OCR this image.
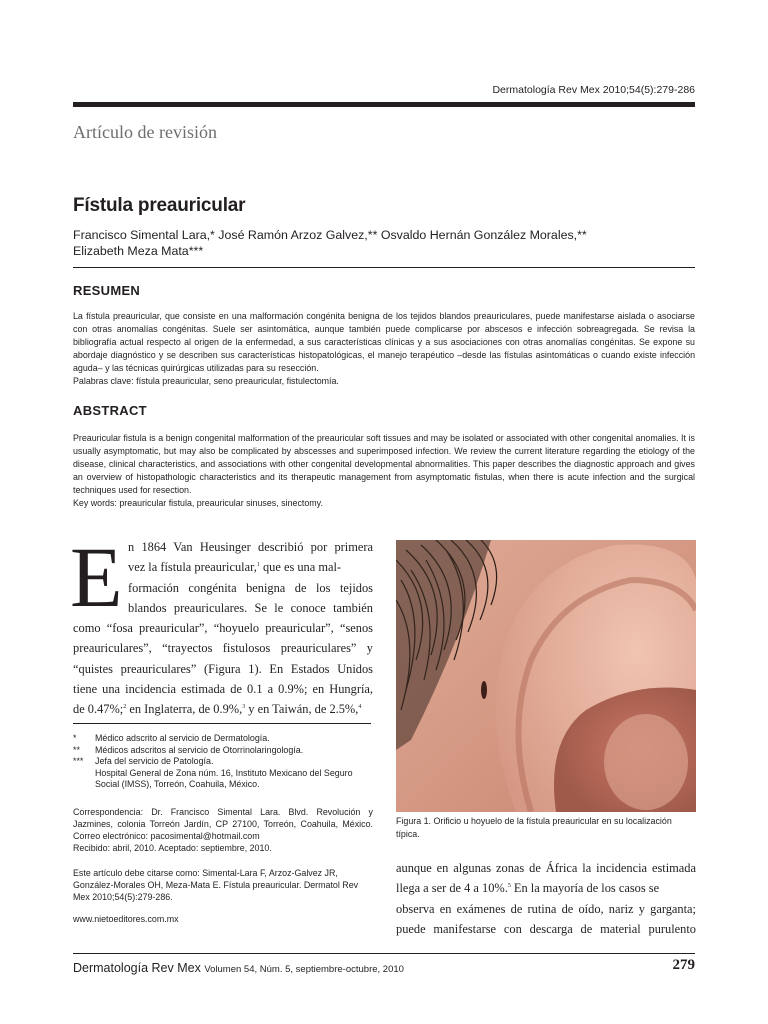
Dermatología Rev Mex 2010;54(5):279-286
Artículo de revisión
Fístula preauricular
Francisco Simental Lara,* José Ramón Arzoz Galvez,** Osvaldo Hernán González Morales,**
Elizabeth Meza Mata***
RESUMEN

La fístula preauricular, que consiste en una malformación congénita benigna de los tejidos blandos preauriculares, puede manifestarse aislada o asociarse con otras anomalías congénitas. Suele ser asintomática, aunque también puede complicarse por abscesos e infección sobreagregada. Se revisa la bibliografía actual respecto al origen de la enfermedad, a sus características clínicas y a sus asociaciones con otras anomalías congénitas. Se expone su abordaje diagnóstico y se describen sus características histopatológicas, el manejo terapéutico –desde las fístulas asintomáticas o cuando existe infección aguda– y las técnicas quirúrgicas utilizadas para su resección.

Palabras clave: fístula preauricular, seno preauricular, fistulectomía.

ABSTRACT

Preauricular fistula is a benign congenital malformation of the preauricular soft tissues and may be isolated or associated with other congenital anomalies. It is usually asymptomatic, but may also be complicated by abscesses and superimposed infection. We review the current literature regarding the etiology of the disease, clinical characteristics, and associations with other congenital developmental abnormalities. This paper describes the diagnostic approach and gives an overview of histopathologic characteristics and its therapeutic management from asymptomatic fistulas, when there is acute infection and the surgical techniques used for resection.

Key words: preauricular fistula, preauricular sinuses, sinectomy.

E n 1864 Van Heusinger describió por primera
vez la fístula preauricular,$^1$ que es una mal-
formación congénita benigna de los tejidos
blandos preauriculares. Se le conoce también
como “fosa preauricular”, “hoyuelo preauricular”, “senos
preauriculares”, “trayectos fistulosos preauriculares” y
“quistes preauriculares” (Figura 1). En Estados Unidos
tiene una incidencia estimada de 0.1 a 0.9%; en Hungría,
de 0.47%;$^2$ en Inglaterra, de 0.9%,$^3$ y en Taiwán, de 2.5%,$^4$
*	Médico adscrito al servicio de Dermatología.
**	Médicos adscritos al servicio de Otorrinolaringología.
***	Jefa del servicio de Patología.
Hospital General de Zona núm. 16, Instituto Mexicano del Seguro
Social (IMSS), Torreón, Coahuila, México.
Correspondencia: Dr. Francisco Simental Lara. Blvd. Revolución y Jazmines, colonia Torreón Jardín, CP 27100, Torreón, Coahuila, México. Correo electrónico: pacosimental@hotmail.com
Recibido: abril, 2010. Aceptado: septiembre, 2010.
Este artículo debe citarse como: Simental-Lara F, Arzoz-Galvez JR, González-Morales OH, Meza-Mata E. Fístula preauricular. Dermatol Rev Mex 2010;54(5):279-286.
www.nietoeditores.com.mx
Figura 1. Orificio u hoyuelo de la fístula preauricular en su localización típica.
aunque en algunas zonas de África la incidencia estimada
llega a ser de 4 a 10%.$^5$ En la mayoría de los casos se
observa en exámenes de rutina de oído, nariz y garganta;
puede manifestarse con descarga de material purulento
Dermatología Rev Mex Volumen 54, Núm. 5, septiembre-octubre, 2010	279
